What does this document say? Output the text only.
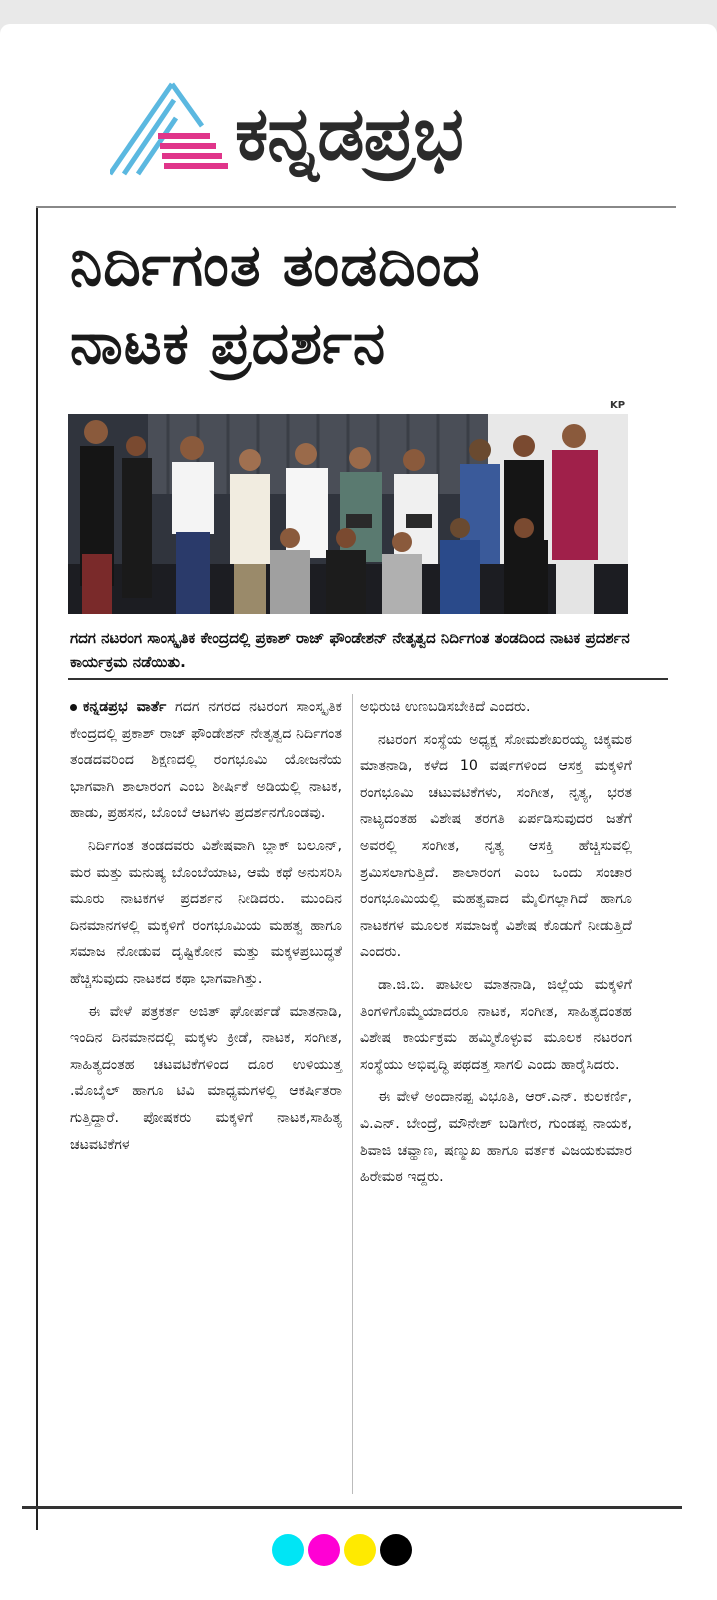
ಕನ್ನಡಪ್ರಭ
ನಿರ್ದಿಗಂತ ತಂಡದಿಂದ
ನಾಟಕ ಪ್ರದರ್ಶನ
KP
ಗದಗ ನಟರಂಗ ಸಾಂಸ್ಕೃತಿಕ ಕೇಂದ್ರದಲ್ಲಿ ಪ್ರಕಾಶ್ ರಾಜ್ ಫೌಂಡೇಶನ್ ನೇತೃತ್ವದ ನಿರ್ದಿಗಂತ ತಂಡದಿಂದ ನಾಟಕ ಪ್ರದರ್ಶನ ಕಾರ್ಯಕ್ರಮ ನಡೆಯಿತು.

ಕನ್ನಡಪ್ರಭ ವಾರ್ತೆ ಗದಗ ನಗರದ ನಟರಂಗ ಸಾಂಸ್ಕೃತಿಕ ಕೇಂದ್ರದಲ್ಲಿ ಪ್ರಕಾಶ್ ರಾಜ್ ಫೌಂಡೇಶನ್ ನೇತೃತ್ವದ ನಿರ್ದಿಗಂತ ತಂಡದವರಿಂದ ಶಿಕ್ಷಣದಲ್ಲಿ ರಂಗಭೂಮಿ ಯೋಜನೆಯ ಭಾಗವಾಗಿ ಶಾಲಾರಂಗ ಎಂಬ ಶೀರ್ಷಿಕೆ ಅಡಿಯಲ್ಲಿ ನಾಟಕ, ಹಾಡು, ಪ್ರಹಸನ, ಬೊಂಬೆ ಆಟಗಳು ಪ್ರದರ್ಶನಗೊಂಡವು.

ನಿರ್ದಿಗಂತ ತಂಡದವರು ವಿಶೇಷವಾಗಿ ಬ್ಲಾಕ್ ಬಲೂನ್, ಮರ ಮತ್ತು ಮನುಷ್ಯ ಬೊಂಬೆಯಾಟ, ಆಮೆ ಕಥೆ ಅನುಸರಿಸಿ ಮೂರು ನಾಟಕಗಳ ಪ್ರದರ್ಶನ ನೀಡಿದರು. ಮುಂದಿನ ದಿನಮಾನಗಳಲ್ಲಿ ಮಕ್ಕಳಿಗೆ ರಂಗಭೂಮಿಯ ಮಹತ್ವ ಹಾಗೂ ಸಮಾಜ ನೋಡುವ ದೃಷ್ಟಿಕೋನ ಮತ್ತು ಮಕ್ಕಳಪ್ರಬುದ್ಧತೆ ಹೆಚ್ಚಿಸುವುದು ನಾಟಕದ ಕಥಾ ಭಾಗವಾಗಿತ್ತು.

ಈ ವೇಳೆ ಪತ್ರಕರ್ತ ಅಜಿತ್ ಘೋರ್ಪಡೆ ಮಾತನಾಡಿ, ಇಂದಿನ ದಿನಮಾನದಲ್ಲಿ ಮಕ್ಕಳು ಕ್ರೀಡೆ, ನಾಟಕ, ಸಂಗೀತ, ಸಾಹಿತ್ಯದಂತಹ ಚಟವಟಿಕೆಗಳಿಂದ ದೂರ ಉಳಿಯುತ್ತ .ಮೊಬೈಲ್ ಹಾಗೂ ಟಿವಿ ಮಾಧ್ಯಮಗಳಲ್ಲಿ ಆಕರ್ಷಿತರಾ ಗುತ್ತಿದ್ದಾರೆ. ಪೋಷಕರು ಮಕ್ಕಳಿಗೆ ನಾಟಕ,ಸಾಹಿತ್ಯ ಚಟವಟಿಕೆಗಳ

ಅಭಿರುಚಿ ಉಣಬಡಿಸಬೇಕಿದೆ ಎಂದರು.

ನಟರಂಗ ಸಂಸ್ಥೆಯ ಅಧ್ಯಕ್ಷ ಸೋಮಶೇಖರಯ್ಯ ಚಿಕ್ಕಮಠ ಮಾತನಾಡಿ, ಕಳೆದ 10 ವರ್ಷಗಳಿಂದ ಆಸಕ್ತ ಮಕ್ಕಳಿಗೆ ರಂಗಭೂಮಿ ಚಟುವಟಿಕೆಗಳು, ಸಂಗೀತ, ನೃತ್ಯ, ಭರತ ನಾಟ್ಯದಂತಹ ವಿಶೇಷ ತರಗತಿ ಏರ್ಪಡಿಸುವುದರ ಜತೆಗೆ ಅವರಲ್ಲಿ ಸಂಗೀತ, ನೃತ್ಯ ಆಸಕ್ತಿ ಹೆಚ್ಚಿಸುವಲ್ಲಿ ಶ್ರಮಿಸಲಾಗುತ್ತಿದೆ. ಶಾಲಾರಂಗ ಎಂಬ ಒಂದು ಸಂಚಾರ ರಂಗಭೂಮಿಯಲ್ಲಿ ಮಹತ್ವವಾದ ಮೈಲಿಗಲ್ಲಾಗಿದೆ ಹಾಗೂ ನಾಟಕಗಳ ಮೂಲಕ ಸಮಾಜಕ್ಕೆ ವಿಶೇಷ ಕೊಡುಗೆ ನೀಡುತ್ತಿದೆ ಎಂದರು.

ಡಾ.ಜಿ.ಬಿ. ಪಾಟೀಲ ಮಾತನಾಡಿ, ಜಿಲ್ಲೆಯ ಮಕ್ಕಳಿಗೆ ತಿಂಗಳಿಗೊಮ್ಮೆಯಾದರೂ ನಾಟಕ, ಸಂಗೀತ, ಸಾಹಿತ್ಯದಂತಹ ವಿಶೇಷ ಕಾರ್ಯಕ್ರಮ ಹಮ್ಮಿಕೊಳ್ಳುವ ಮೂಲಕ ನಟರಂಗ ಸಂಸ್ಥೆಯು ಅಭಿವೃದ್ಧಿ ಪಥದತ್ತ ಸಾಗಲಿ ಎಂದು ಹಾರೈಸಿದರು.

ಈ ವೇಳೆ ಅಂದಾನಪ್ಪ ವಿಭೂತಿ, ಆರ್.ಎನ್. ಕುಲಕರ್ಣಿ, ವಿ.ಎನ್. ಬೇಂದ್ರೆ, ಮೌನೇಶ್ ಬಡಿಗೇರ, ಗುಂಡಪ್ಪ ನಾಯಕ, ಶಿವಾಜಿ ಚವ್ಹಾಣ, ಷಣ್ಮುಖ ಹಾಗೂ ವರ್ತಕ ವಿಜಯಕುಮಾರ ಹಿರೇಮಠ ಇದ್ದರು.
